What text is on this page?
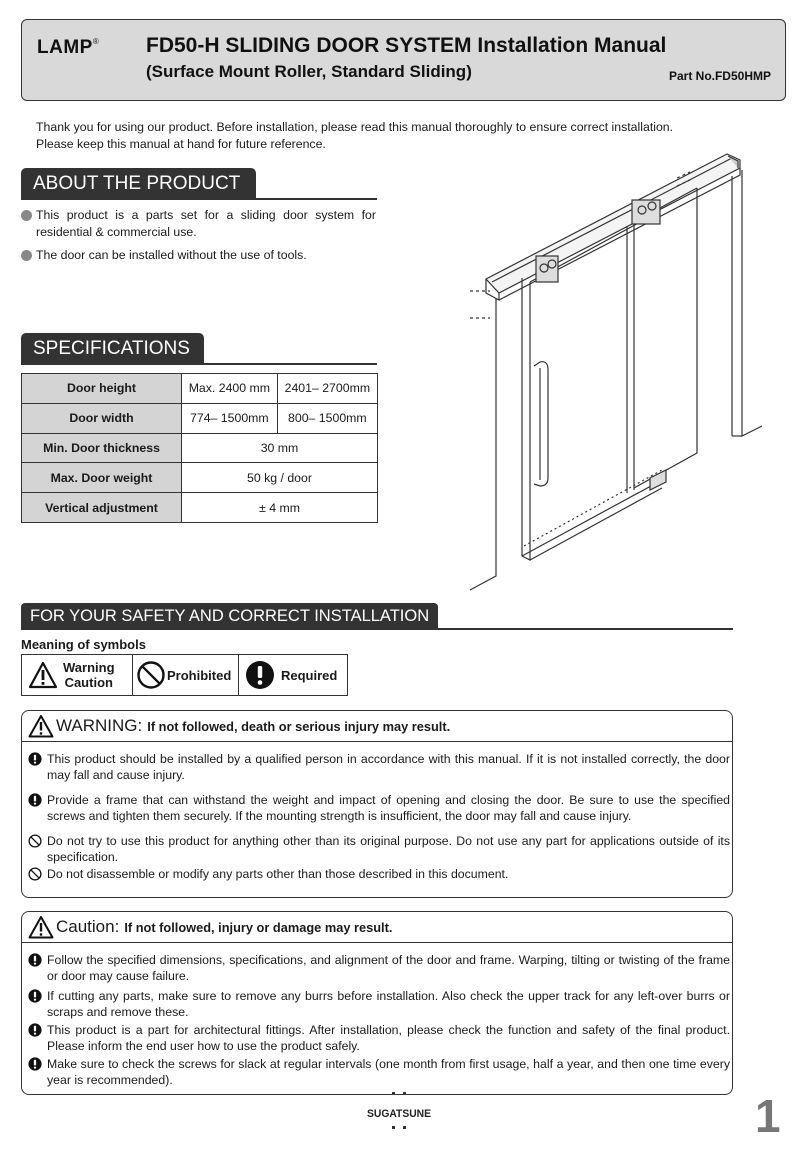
LAMP® FD50-H SLIDING DOOR SYSTEM Installation Manual
(Surface Mount Roller, Standard Sliding)	Part No.FD50HMP
Thank you for using our product. Before installation, please read this manual thoroughly to ensure correct installation.
Please keep this manual at hand for future reference.
ABOUT THE PRODUCT
This product is a parts set for a sliding door system for residential & commercial use.
The door can be installed without the use of tools.
SPECIFICATIONS
Door height	Max. 2400 mm	2401– 2700mm
Door width	774– 1500mm	800– 1500mm
Min. Door thickness	30 mm	
Max. Door weight	50 kg / door	
Vertical adjustment	± 4 mm	
FOR YOUR SAFETY AND CORRECT INSTALLATION
Meaning of symbols
Warning
Caution	Prohibited	Required
WARNING: If not followed, death or serious injury may result.
This product should be installed by a qualified person in accordance with this manual. If it is not installed correctly, the door may fall and cause injury.
Provide a frame that can withstand the weight and impact of opening and closing the door. Be sure to use the specified screws and tighten them securely. If the mounting strength is insufficient, the door may fall and cause injury.
Do not try to use this product for anything other than its original purpose. Do not use any part for applications outside of its specification.
Do not disassemble or modify any parts other than those described in this document.
Caution: If not followed, injury or damage may result.
Follow the specified dimensions, specifications, and alignment of the door and frame. Warping, tilting or twisting of the frame or door may cause failure.
If cutting any parts, make sure to remove any burrs before installation. Also check the upper track for any left-over burrs or scraps and remove these.
This product is a part for architectural fittings. After installation, please check the function and safety of the final product. Please inform the end user how to use the product safely.
Make sure to check the screws for slack at regular intervals (one month from first usage, half a year, and then one time every year is recommended).
SUGATSUNE	1
